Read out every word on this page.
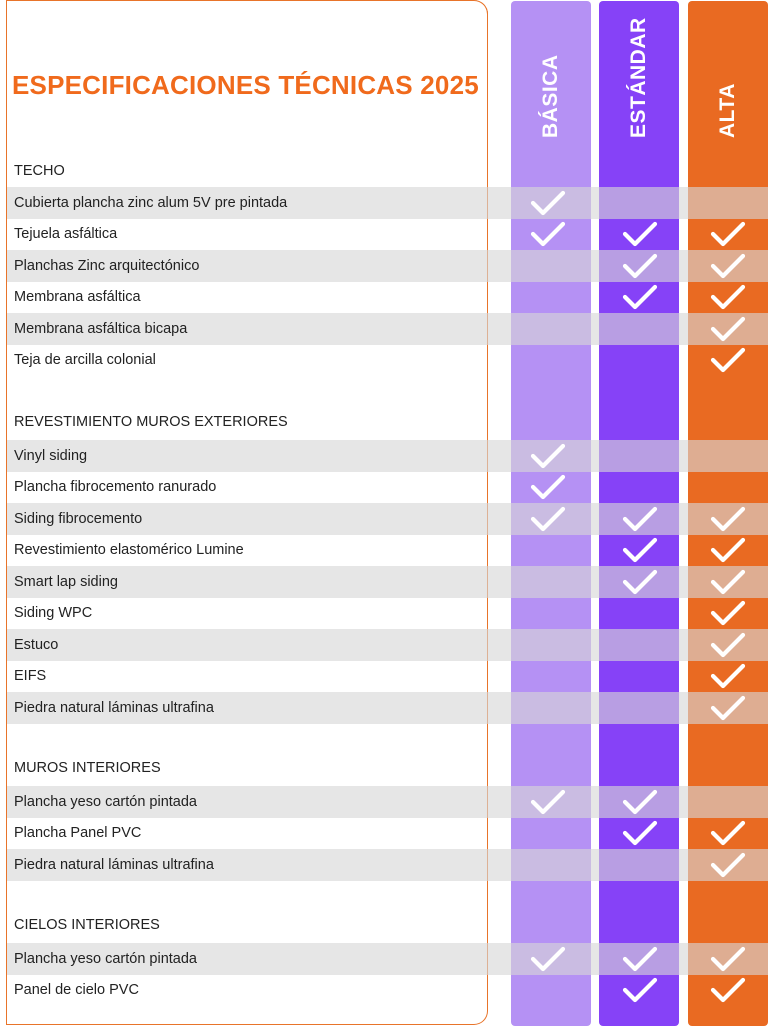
BÁSICA	ESTÁNDAR	ALTA
ESPECIFICACIONES TÉCNICAS 2025
TECHO
Cubierta plancha zinc alum 5V pre pintada
Tejuela asfáltica
Planchas Zinc arquitectónico
Membrana asfáltica
Membrana asfáltica bicapa
Teja de arcilla colonial
REVESTIMIENTO MUROS EXTERIORES
Vinyl siding
Plancha fibrocemento ranurado
Siding fibrocemento
Revestimiento elastomérico Lumine
Smart lap siding
Siding WPC
Estuco
EIFS
Piedra natural láminas ultrafina
MUROS INTERIORES
Plancha yeso cartón pintada
Plancha Panel PVC
Piedra natural láminas ultrafina
CIELOS INTERIORES
Plancha yeso cartón pintada
Panel de cielo PVC
